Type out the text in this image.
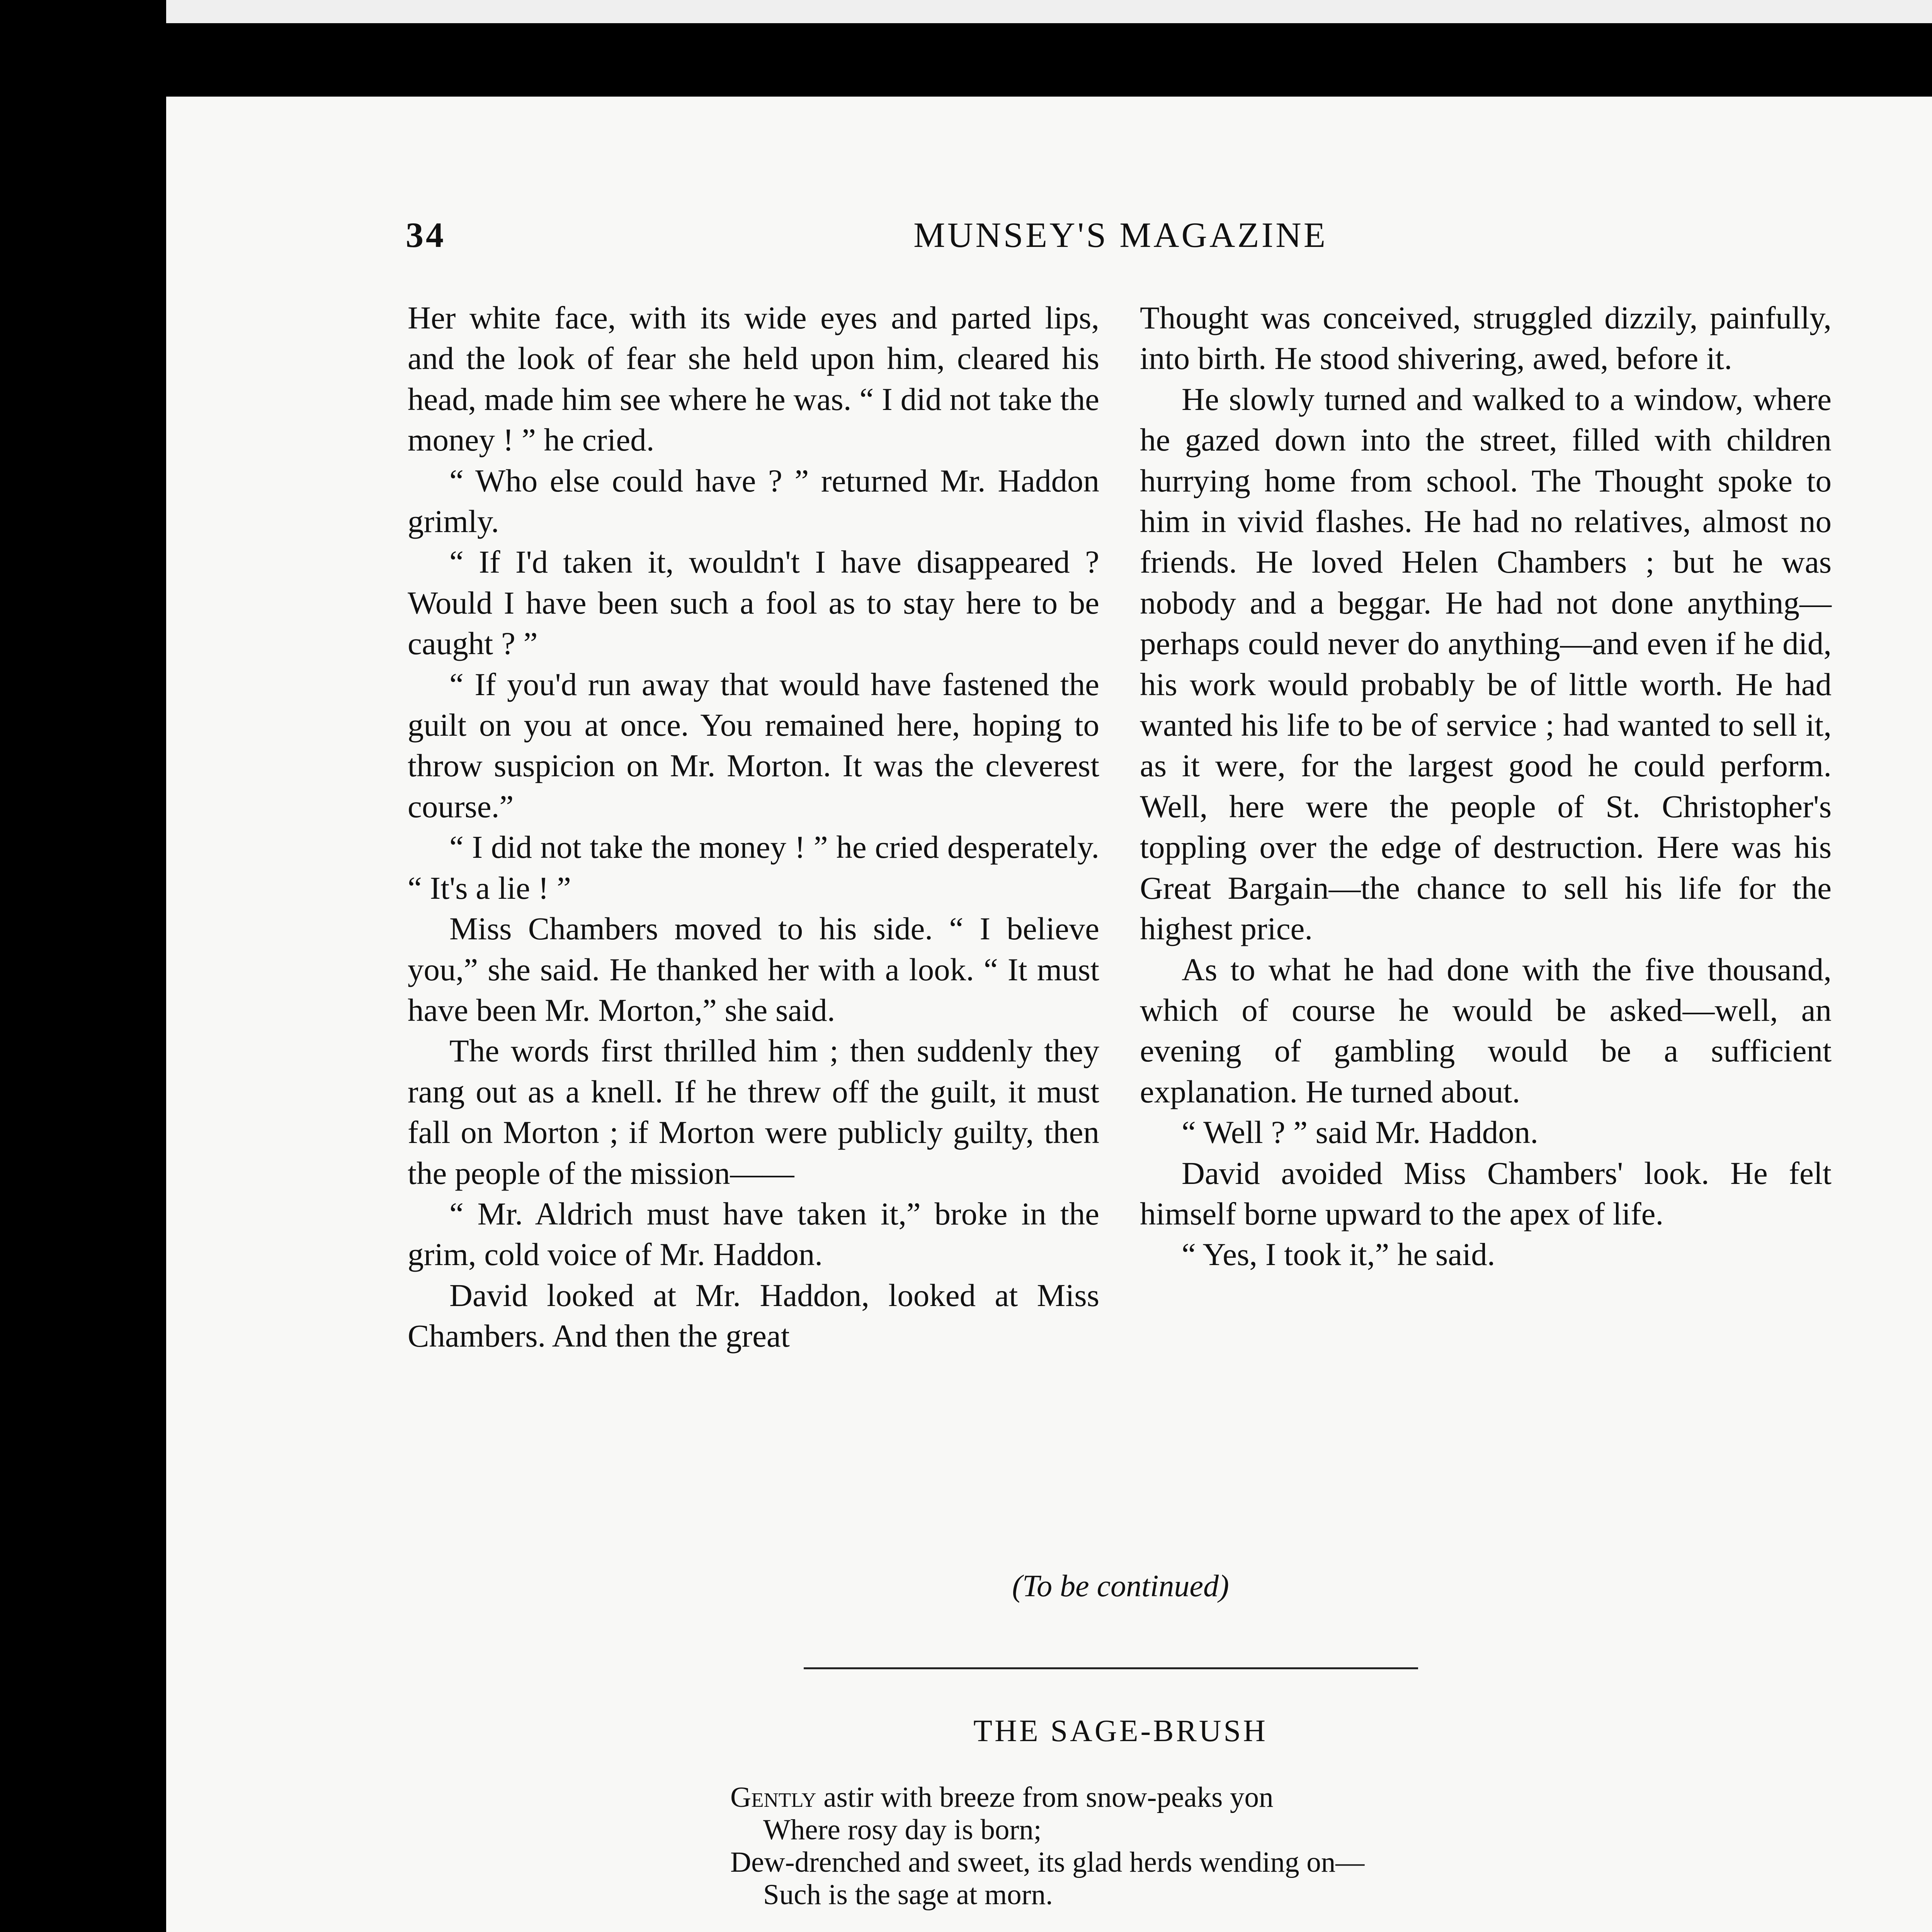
34	MUNSEY'S MAGAZINE

Her white face, with its wide eyes and parted lips, and the look of fear she held upon him, cleared his head, made him see where he was. “ I did not take the money ! ” he cried.

“ Who else could have ? ” returned Mr. Haddon grimly.

“ If I'd taken it, wouldn't I have disappeared ? Would I have been such a fool as to stay here to be caught ? ”

“ If you'd run away that would have fastened the guilt on you at once. You remained here, hoping to throw suspicion on Mr. Morton. It was the cleverest course.”

“ I did not take the money ! ” he cried desperately. “ It's a lie ! ”

Miss Chambers moved to his side. “ I believe you,” she said. He thanked her with a look. “ It must have been Mr. Morton,” she said.

The words first thrilled him ; then suddenly they rang out as a knell. If he threw off the guilt, it must fall on Morton ; if Morton were publicly guilty, then the people of the mission——

“ Mr. Aldrich must have taken it,” broke in the grim, cold voice of Mr. Haddon.

David looked at Mr. Haddon, looked at Miss Chambers. And then the great

Thought was conceived, struggled dizzily, painfully, into birth. He stood shivering, awed, before it.

He slowly turned and walked to a window, where he gazed down into the street, filled with children hurrying home from school. The Thought spoke to him in vivid flashes. He had no relatives, almost no friends. He loved Helen Chambers ; but he was nobody and a beggar. He had not done anything—perhaps could never do anything—and even if he did, his work would probably be of little worth. He had wanted his life to be of service ; had wanted to sell it, as it were, for the largest good he could perform. Well, here were the people of St. Christopher's toppling over the edge of destruction. Here was his Great Bargain—the chance to sell his life for the highest price.

As to what he had done with the five thousand, which of course he would be asked—well, an evening of gambling would be a sufficient explanation. He turned about.

“ Well ? ” said Mr. Haddon.

David avoided Miss Chambers' look. He felt himself borne upward to the apex of life.

“ Yes, I took it,” he said.

(To be continued)
THE SAGE-BRUSH
Gently astir with breeze from snow-peaks yon
Where rosy day is born;
Dew-drenched and sweet, its glad herds wending on—
Such is the sage at morn.
